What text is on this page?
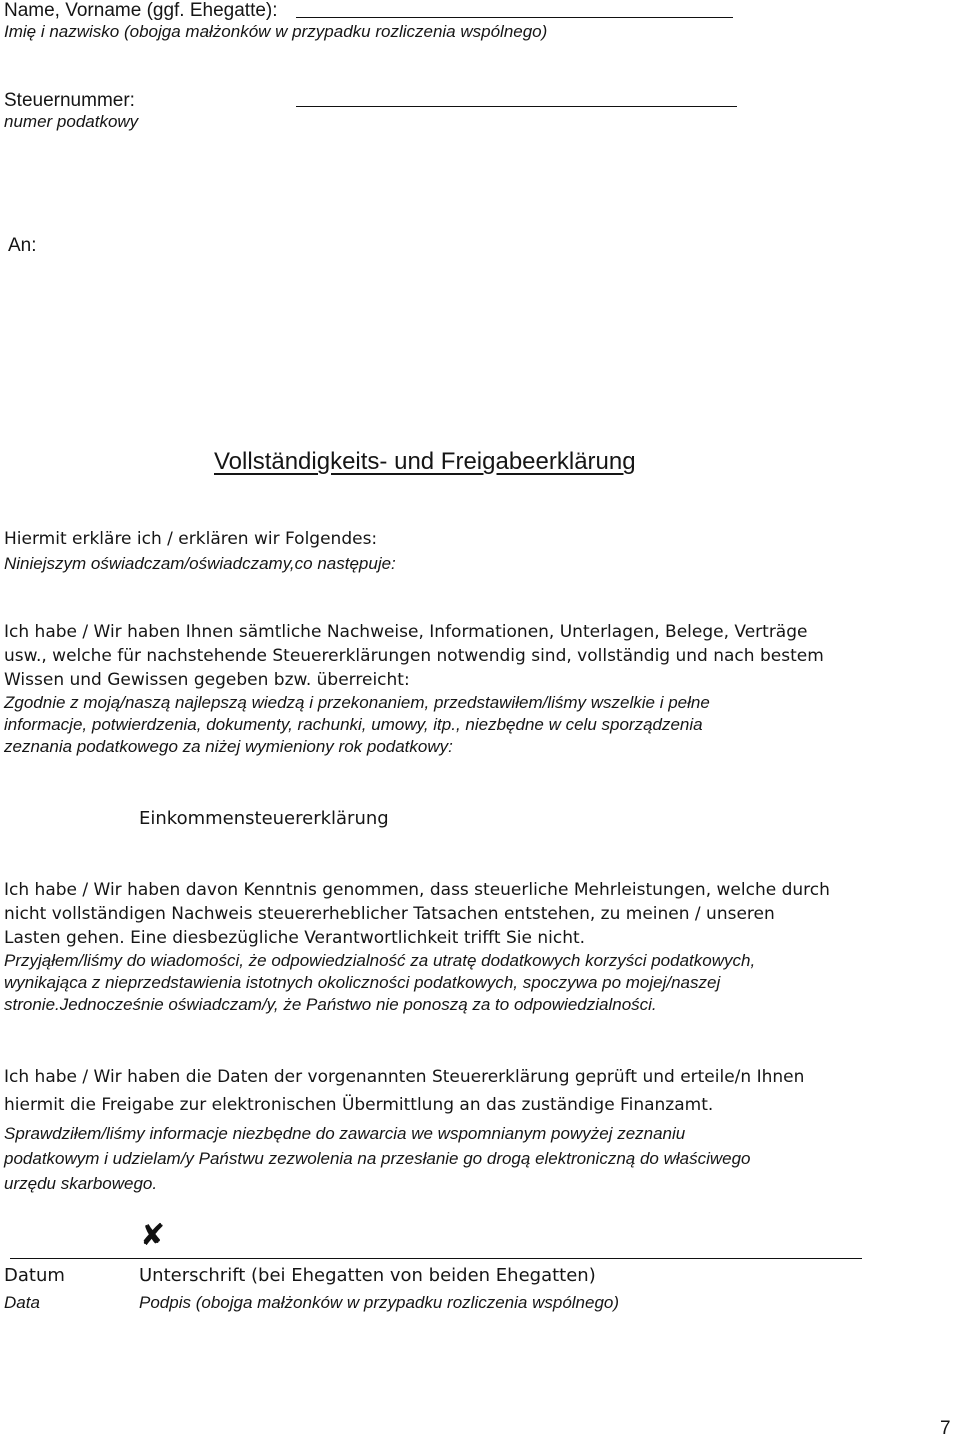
Name, Vorname (ggf. Ehegatte):
Imię i nazwisko (obojga małżonków w przypadku rozliczenia wspólnego)
Steuernummer:
numer podatkowy
An:
Vollständigkeits- und Freigabeerklärung
Hiermit erkläre ich / erklären wir Folgendes:
Niniejszym oświadczam/oświadczamy,co następuje:
Ich habe / Wir haben Ihnen sämtliche Nachweise, Informationen, Unterlagen, Belege, Verträge
usw., welche für nachstehende Steuererklärungen notwendig sind, vollständig und nach bestem
Wissen und Gewissen gegeben bzw. überreicht:
Zgodnie z moją/naszą najlepszą wiedzą i przekonaniem, przedstawiłem/liśmy wszelkie i pełne
informacje, potwierdzenia, dokumenty, rachunki, umowy, itp., niezbędne w celu sporządzenia
zeznania podatkowego za niżej wymieniony rok podatkowy:
Einkommensteuererklärung
Ich habe / Wir haben davon Kenntnis genommen, dass steuerliche Mehrleistungen, welche durch
nicht vollständigen Nachweis steuererheblicher Tatsachen entstehen, zu meinen / unseren
Lasten gehen. Eine diesbezügliche Verantwortlichkeit trifft Sie nicht.
Przyjąłem/liśmy do wiadomości, że odpowiedzialność za utratę dodatkowych korzyści podatkowych,
wynikająca z nieprzedstawienia istotnych okoliczności podatkowych, spoczywa po mojej/naszej
stronie.Jednocześnie oświadczam/y, że Państwo nie ponoszą za to odpowiedzialności.
Ich habe / Wir haben die Daten der vorgenannten Steuererklärung geprüft und erteile/n Ihnen
hiermit die Freigabe zur elektronischen Übermittlung an das zuständige Finanzamt.
Sprawdziłem/liśmy informacje niezbędne do zawarcia we wspomnianym powyżej zeznaniu
podatkowym i udzielam/y Państwu zezwolenia na przesłanie go drogą elektroniczną do właściwego
urzędu skarbowego.
✘
Datum
Data
Unterschrift (bei Ehegatten von beiden Ehegatten)
Podpis (obojga małżonków w przypadku rozliczenia wspólnego)
7
